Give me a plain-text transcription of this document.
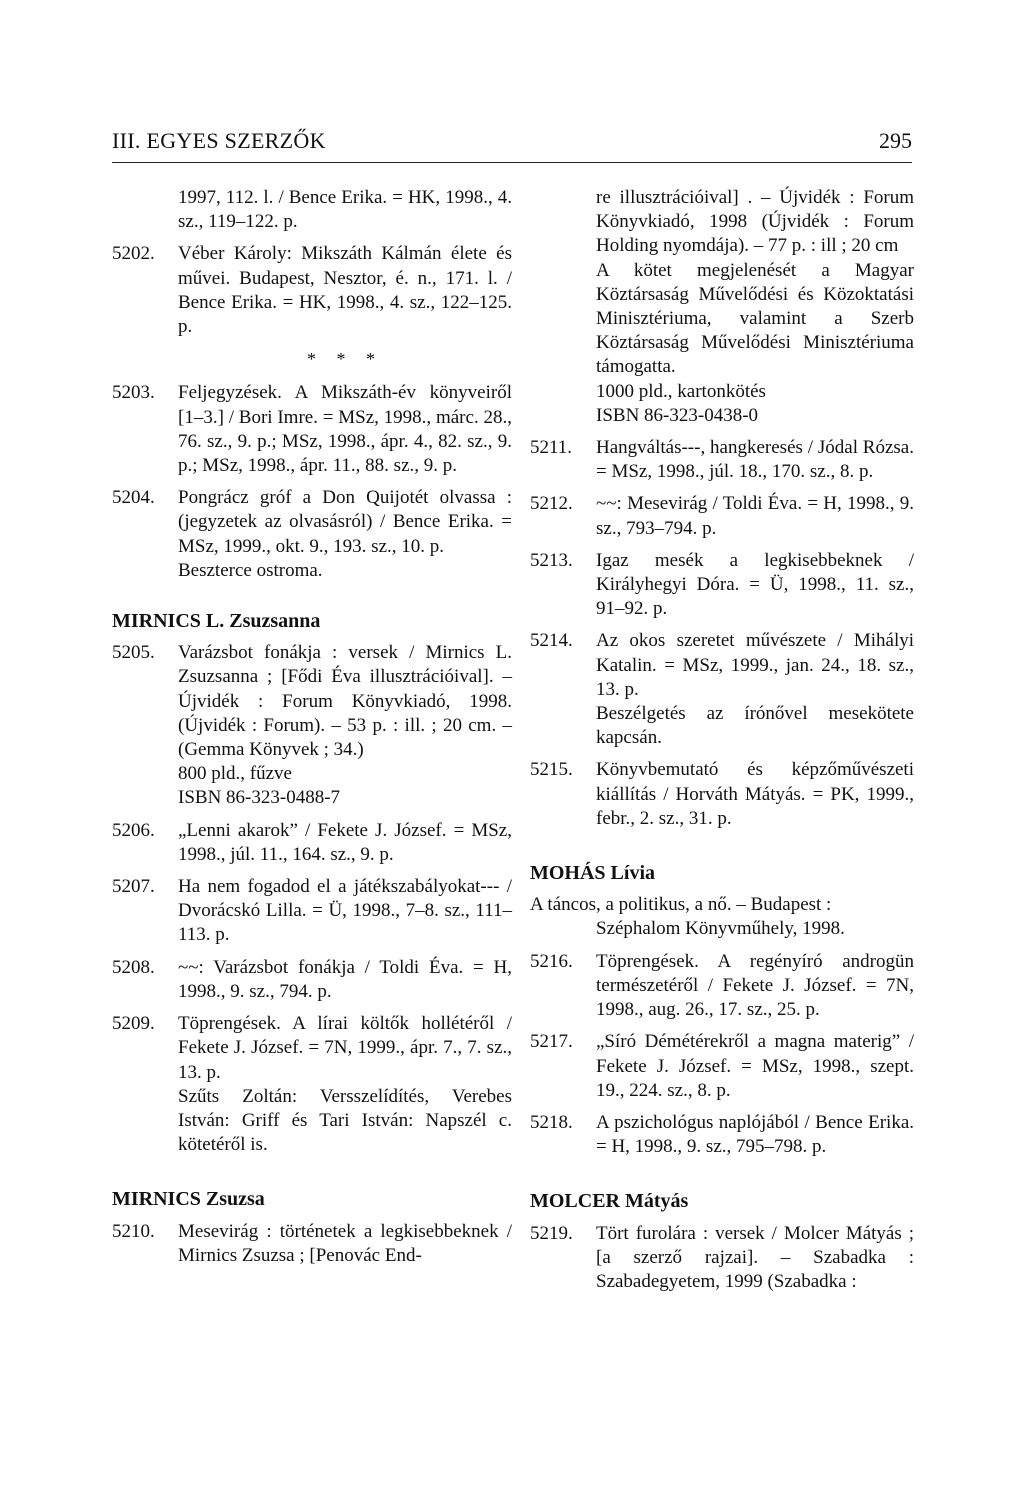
III. EGYES SZERZŐK	295

1997, 112. l. / Bence Erika. = HK, 1998., 4. sz., 119–122. p.

5202. Véber Károly: Mikszáth Kálmán élete és művei. Budapest, Nesztor, é. n., 171. l. / Bence Erika. = HK, 1998., 4. sz., 122–125. p.

* * *
5203. Feljegyzések. A Mikszáth-év könyveiről [1–3.] / Bori Imre. = MSz, 1998., márc. 28., 76. sz., 9. p.; MSz, 1998., ápr. 4., 82. sz., 9. p.; MSz, 1998., ápr. 11., 88. sz., 9. p.

5204. Pongrácz gróf a Don Quijotét olvassa : (jegyzetek az olvasásról) / Bence Erika. = MSz, 1999., okt. 9., 193. sz., 10. p.

Beszterce ostroma.

MIRNICS L. Zsuzsanna
5205. Varázsbot fonákja : versek / Mirnics L. Zsuzsanna ; [Fődi Éva illusztrációival]. – Újvidék : Forum Könyvkiadó, 1998. (Újvidék : Forum). – 53 p. : ill. ; 20 cm. – (Gemma Könyvek ; 34.)

800 pld., fűzve

ISBN 86-323-0488-7

5206. „Lenni akarok” / Fekete J. József. = MSz, 1998., júl. 11., 164. sz., 9. p.

5207. Ha nem fogadod el a játékszabályokat--- / Dvorácskó Lilla. = Ü, 1998., 7–8. sz., 111–113. p.

5208. ~~: Varázsbot fonákja / Toldi Éva. = H, 1998., 9. sz., 794. p.

5209. Töprengések. A lírai költők hollétéről / Fekete J. József. = 7N, 1999., ápr. 7., 7. sz., 13. p.

Szűts Zoltán: Versszelídítés, Verebes István: Griff és Tari István: Napszél c. kötetéről is.

MIRNICS Zsuzsa
5210. Mesevirág : történetek a legkisebbeknek / Mirnics Zsuzsa ; [Penovác End-

re illusztrációival] . – Újvidék : Forum Könyvkiadó, 1998 (Újvidék : Forum Holding nyomdája). – 77 p. : ill ; 20 cm

A kötet megjelenését a Magyar Köztársaság Művelődési és Közoktatási Minisztériuma, valamint a Szerb Köztársaság Művelődési Minisztériuma támogatta.

1000 pld., kartonkötés

ISBN 86-323-0438-0

5211. Hangváltás---, hangkeresés / Jódal Rózsa. = MSz, 1998., júl. 18., 170. sz., 8. p.

5212. ~~: Mesevirág / Toldi Éva. = H, 1998., 9. sz., 793–794. p.

5213. Igaz mesék a legkisebbeknek / Királyhegyi Dóra. = Ü, 1998., 11. sz., 91–92. p.

5214. Az okos szeretet művészete / Mihályi Katalin. = MSz, 1999., jan. 24., 18. sz., 13. p.

Beszélgetés az írónővel mesekötete kapcsán.

5215. Könyvbemutató és képzőművészeti kiállítás / Horváth Mátyás. = PK, 1999., febr., 2. sz., 31. p.

MOHÁS Lívia

A táncos, a politikus, a nő. – Budapest : Széphalom Könyvműhely, 1998.

5216. Töprengések. A regényíró androgün természetéről / Fekete J. József. = 7N, 1998., aug. 26., 17. sz., 25. p.

5217. „Síró Démétérekről a magna materig” / Fekete J. József. = MSz, 1998., szept. 19., 224. sz., 8. p.

5218. A pszichológus naplójából / Bence Erika. = H, 1998., 9. sz., 795–798. p.

MOLCER Mátyás
5219. Tört furolára : versek / Molcer Mátyás ; [a szerző rajzai]. – Szabadka : Szabadegyetem, 1999 (Szabadka :
